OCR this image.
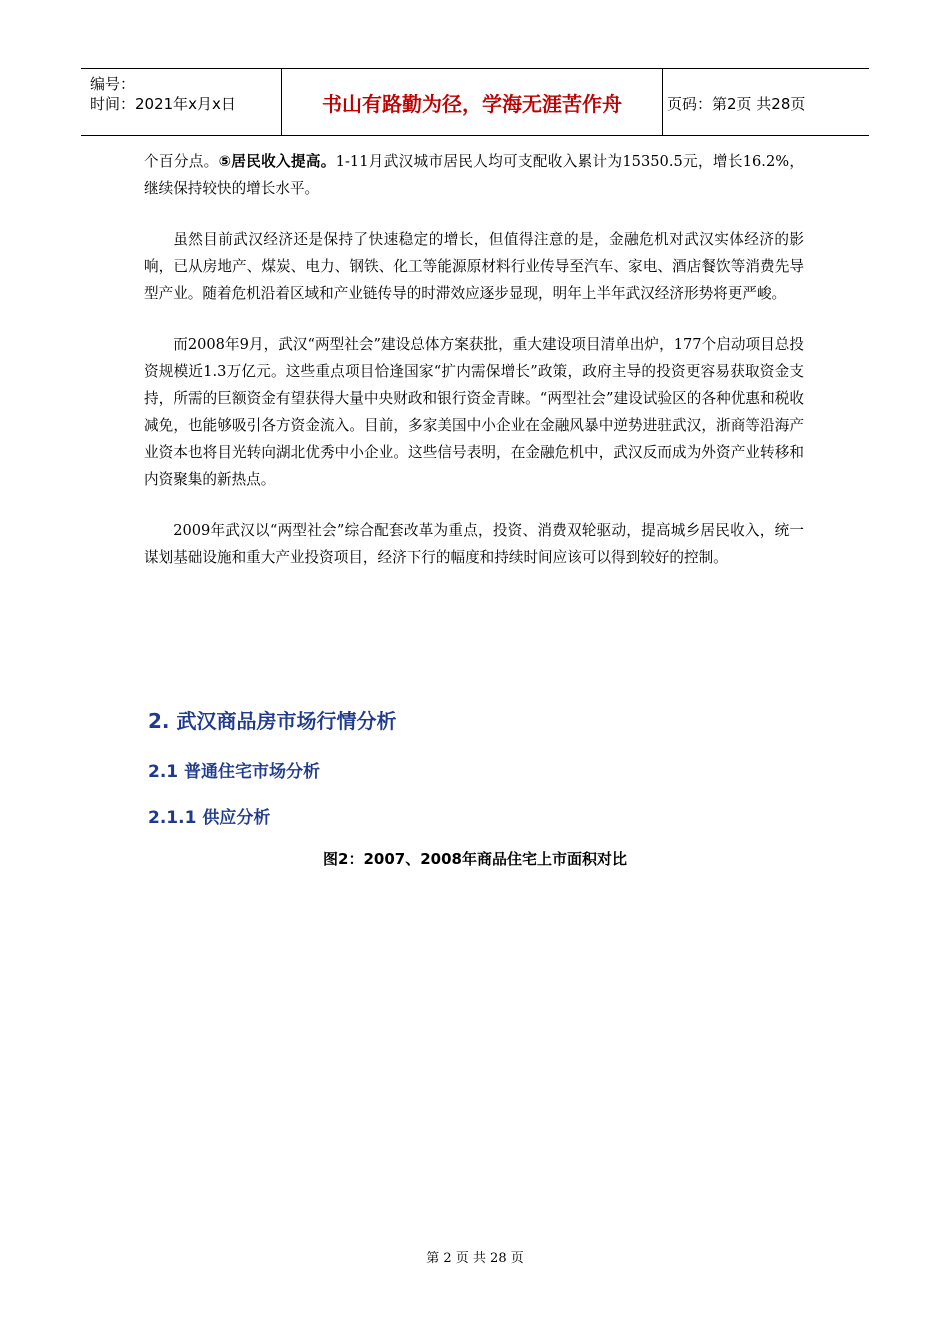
编号：
时间：2021年x月x日	书山有路勤为径，学海无涯苦作舟	页码：第2页 共28页

个百分点。⑤居民收入提高。1-11月武汉城市居民人均可支配收入累计为15350.5元，增长16.2%，继续保持较快的增长水平。

虽然目前武汉经济还是保持了快速稳定的增长，但值得注意的是，金融危机对武汉实体经济的影响，已从房地产、煤炭、电力、钢铁、化工等能源原材料行业传导至汽车、家电、酒店餐饮等消费先导型产业。随着危机沿着区域和产业链传导的时滞效应逐步显现，明年上半年武汉经济形势将更严峻。

而2008年9月，武汉“两型社会”建设总体方案获批，重大建设项目清单出炉，177个启动项目总投资规模近1.3万亿元。这些重点项目恰逢国家“扩内需保增长”政策，政府主导的投资更容易获取资金支持，所需的巨额资金有望获得大量中央财政和银行资金青睐。“两型社会”建设试验区的各种优惠和税收减免，也能够吸引各方资金流入。目前，多家美国中小企业在金融风暴中逆势进驻武汉，浙商等沿海产业资本也将目光转向湖北优秀中小企业。这些信号表明，在金融危机中，武汉反而成为外资产业转移和内资聚集的新热点。

2009年武汉以“两型社会”综合配套改革为重点，投资、消费双轮驱动，提高城乡居民收入，统一谋划基础设施和重大产业投资项目，经济下行的幅度和持续时间应该可以得到较好的控制。

2. 武汉商品房市场行情分析
2.1 普通住宅市场分析
2.1.1 供应分析
图2：2007、2008年商品住宅上市面积对比
第 2 页 共 28 页
